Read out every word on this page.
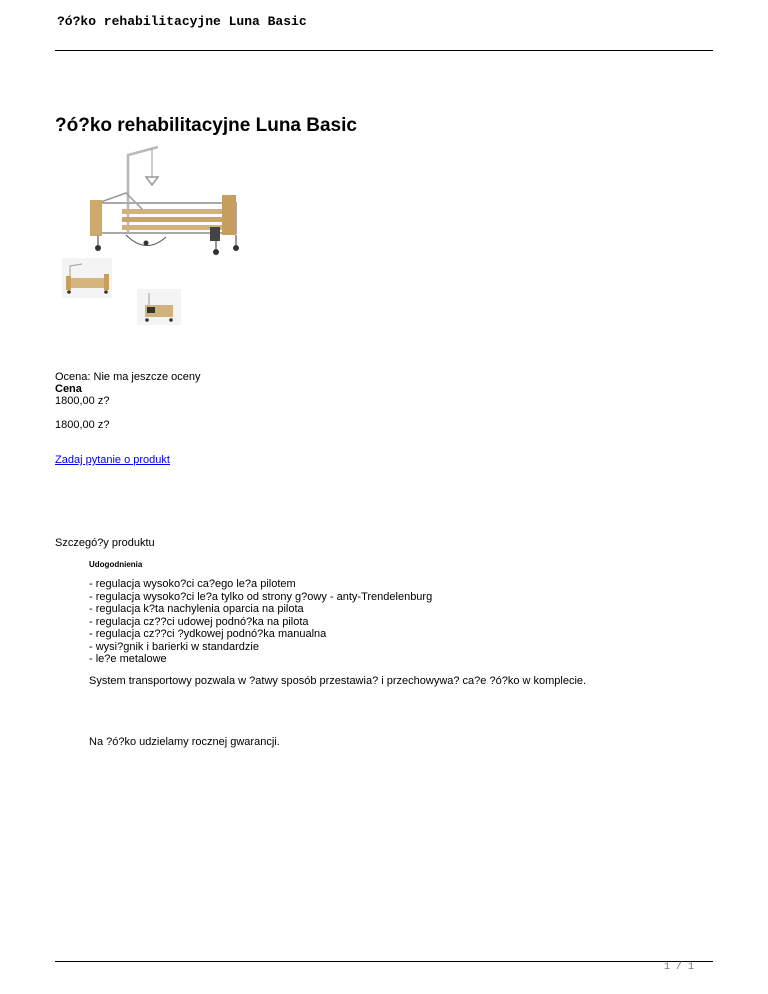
?ó?ko rehabilitacyjne Luna Basic
?ó?ko rehabilitacyjne Luna Basic
Ocena: Nie ma jeszcze oceny
Cena
1800,00 z?
1800,00 z?
Zadaj pytanie o produkt
Szczegó?y produktu
Udogodnienia
- regulacja wysoko?ci ca?ego le?a pilotem
- regulacja wysoko?ci le?a tylko od strony g?owy - anty-Trendelenburg
- regulacja k?ta nachylenia oparcia na pilota
- regulacja cz??ci udowej podnó?ka na pilota
- regulacja cz??ci ?ydkowej podnó?ka manualna
- wysi?gnik i barierki w standardzie
- le?e metalowe
System transportowy pozwala w ?atwy sposób przestawia? i przechowywa? ca?e ?ó?ko w komplecie.
Na ?ó?ko udzielamy rocznej gwarancji.
1 / 1
